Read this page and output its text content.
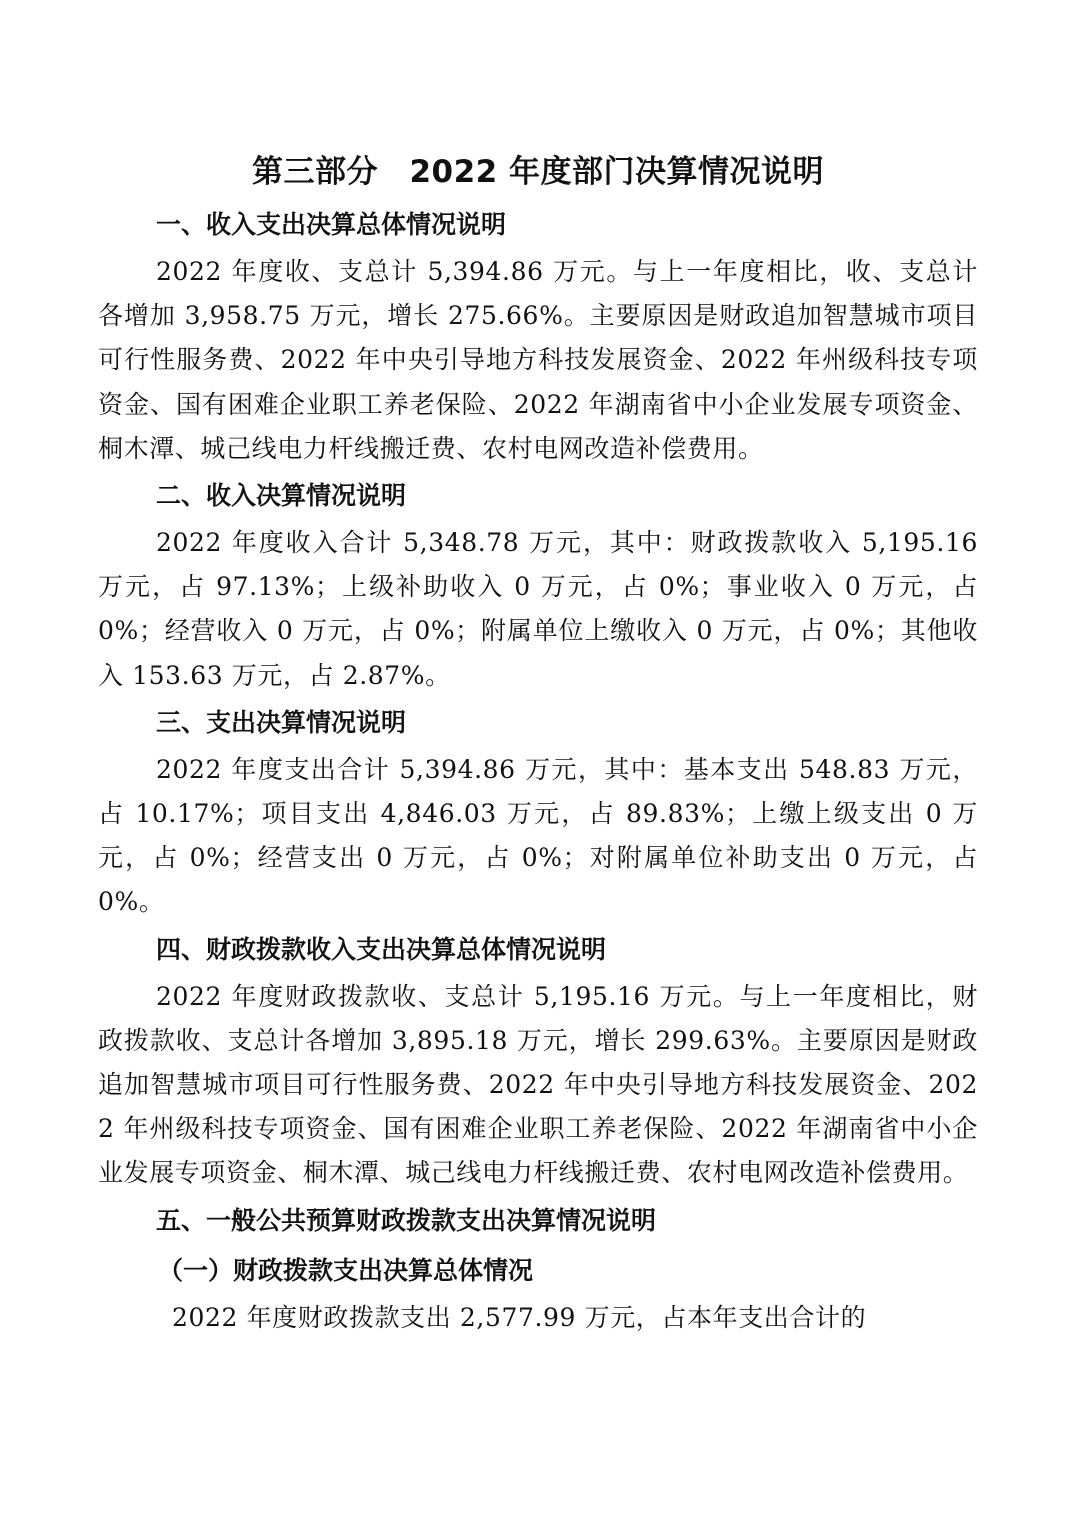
第三部分　2022 年度部门决算情况说明
一、收入支出决算总体情况说明

2022 年度收、支总计 5,394.86 万元。与上一年度相比，收、支总计各增加 3,958.75 万元，增长 275.66%。主要原因是财政追加智慧城市项目可行性服务费、2022 年中央引导地方科技发展资金、2022 年州级科技专项资金、国有困难企业职工养老保险、2022 年湖南省中小企业发展专项资金、桐木潭、城己线电力杆线搬迁费、农村电网改造补偿费用。

二、收入决算情况说明

2022 年度收入合计 5,348.78 万元，其中：财政拨款收入 5,195.16 万元，占 97.13%；上级补助收入 0 万元，占 0%；事业收入 0 万元，占 0%；经营收入 0 万元，占 0%；附属单位上缴收入 0 万元，占 0%；其他收入 153.63 万元，占 2.87%。

三、支出决算情况说明

2022 年度支出合计 5,394.86 万元，其中：基本支出 548.83 万元，占 10.17%；项目支出 4,846.03 万元，占 89.83%；上缴上级支出 0 万元，占 0%；经营支出 0 万元，占 0%；对附属单位补助支出 0 万元，占 0%。

四、财政拨款收入支出决算总体情况说明

2022 年度财政拨款收、支总计 5,195.16 万元。与上一年度相比，财政拨款收、支总计各增加 3,895.18 万元，增长 299.63%。主要原因是财政追加智慧城市项目可行性服务费、2022 年中央引导地方科技发展资金、2022 年州级科技专项资金、国有困难企业职工养老保险、2022 年湖南省中小企业发展专项资金、桐木潭、城己线电力杆线搬迁费、农村电网改造补偿费用。

五、一般公共预算财政拨款支出决算情况说明
（一）财政拨款支出决算总体情况

2022 年度财政拨款支出 2,577.99 万元，占本年支出合计的
